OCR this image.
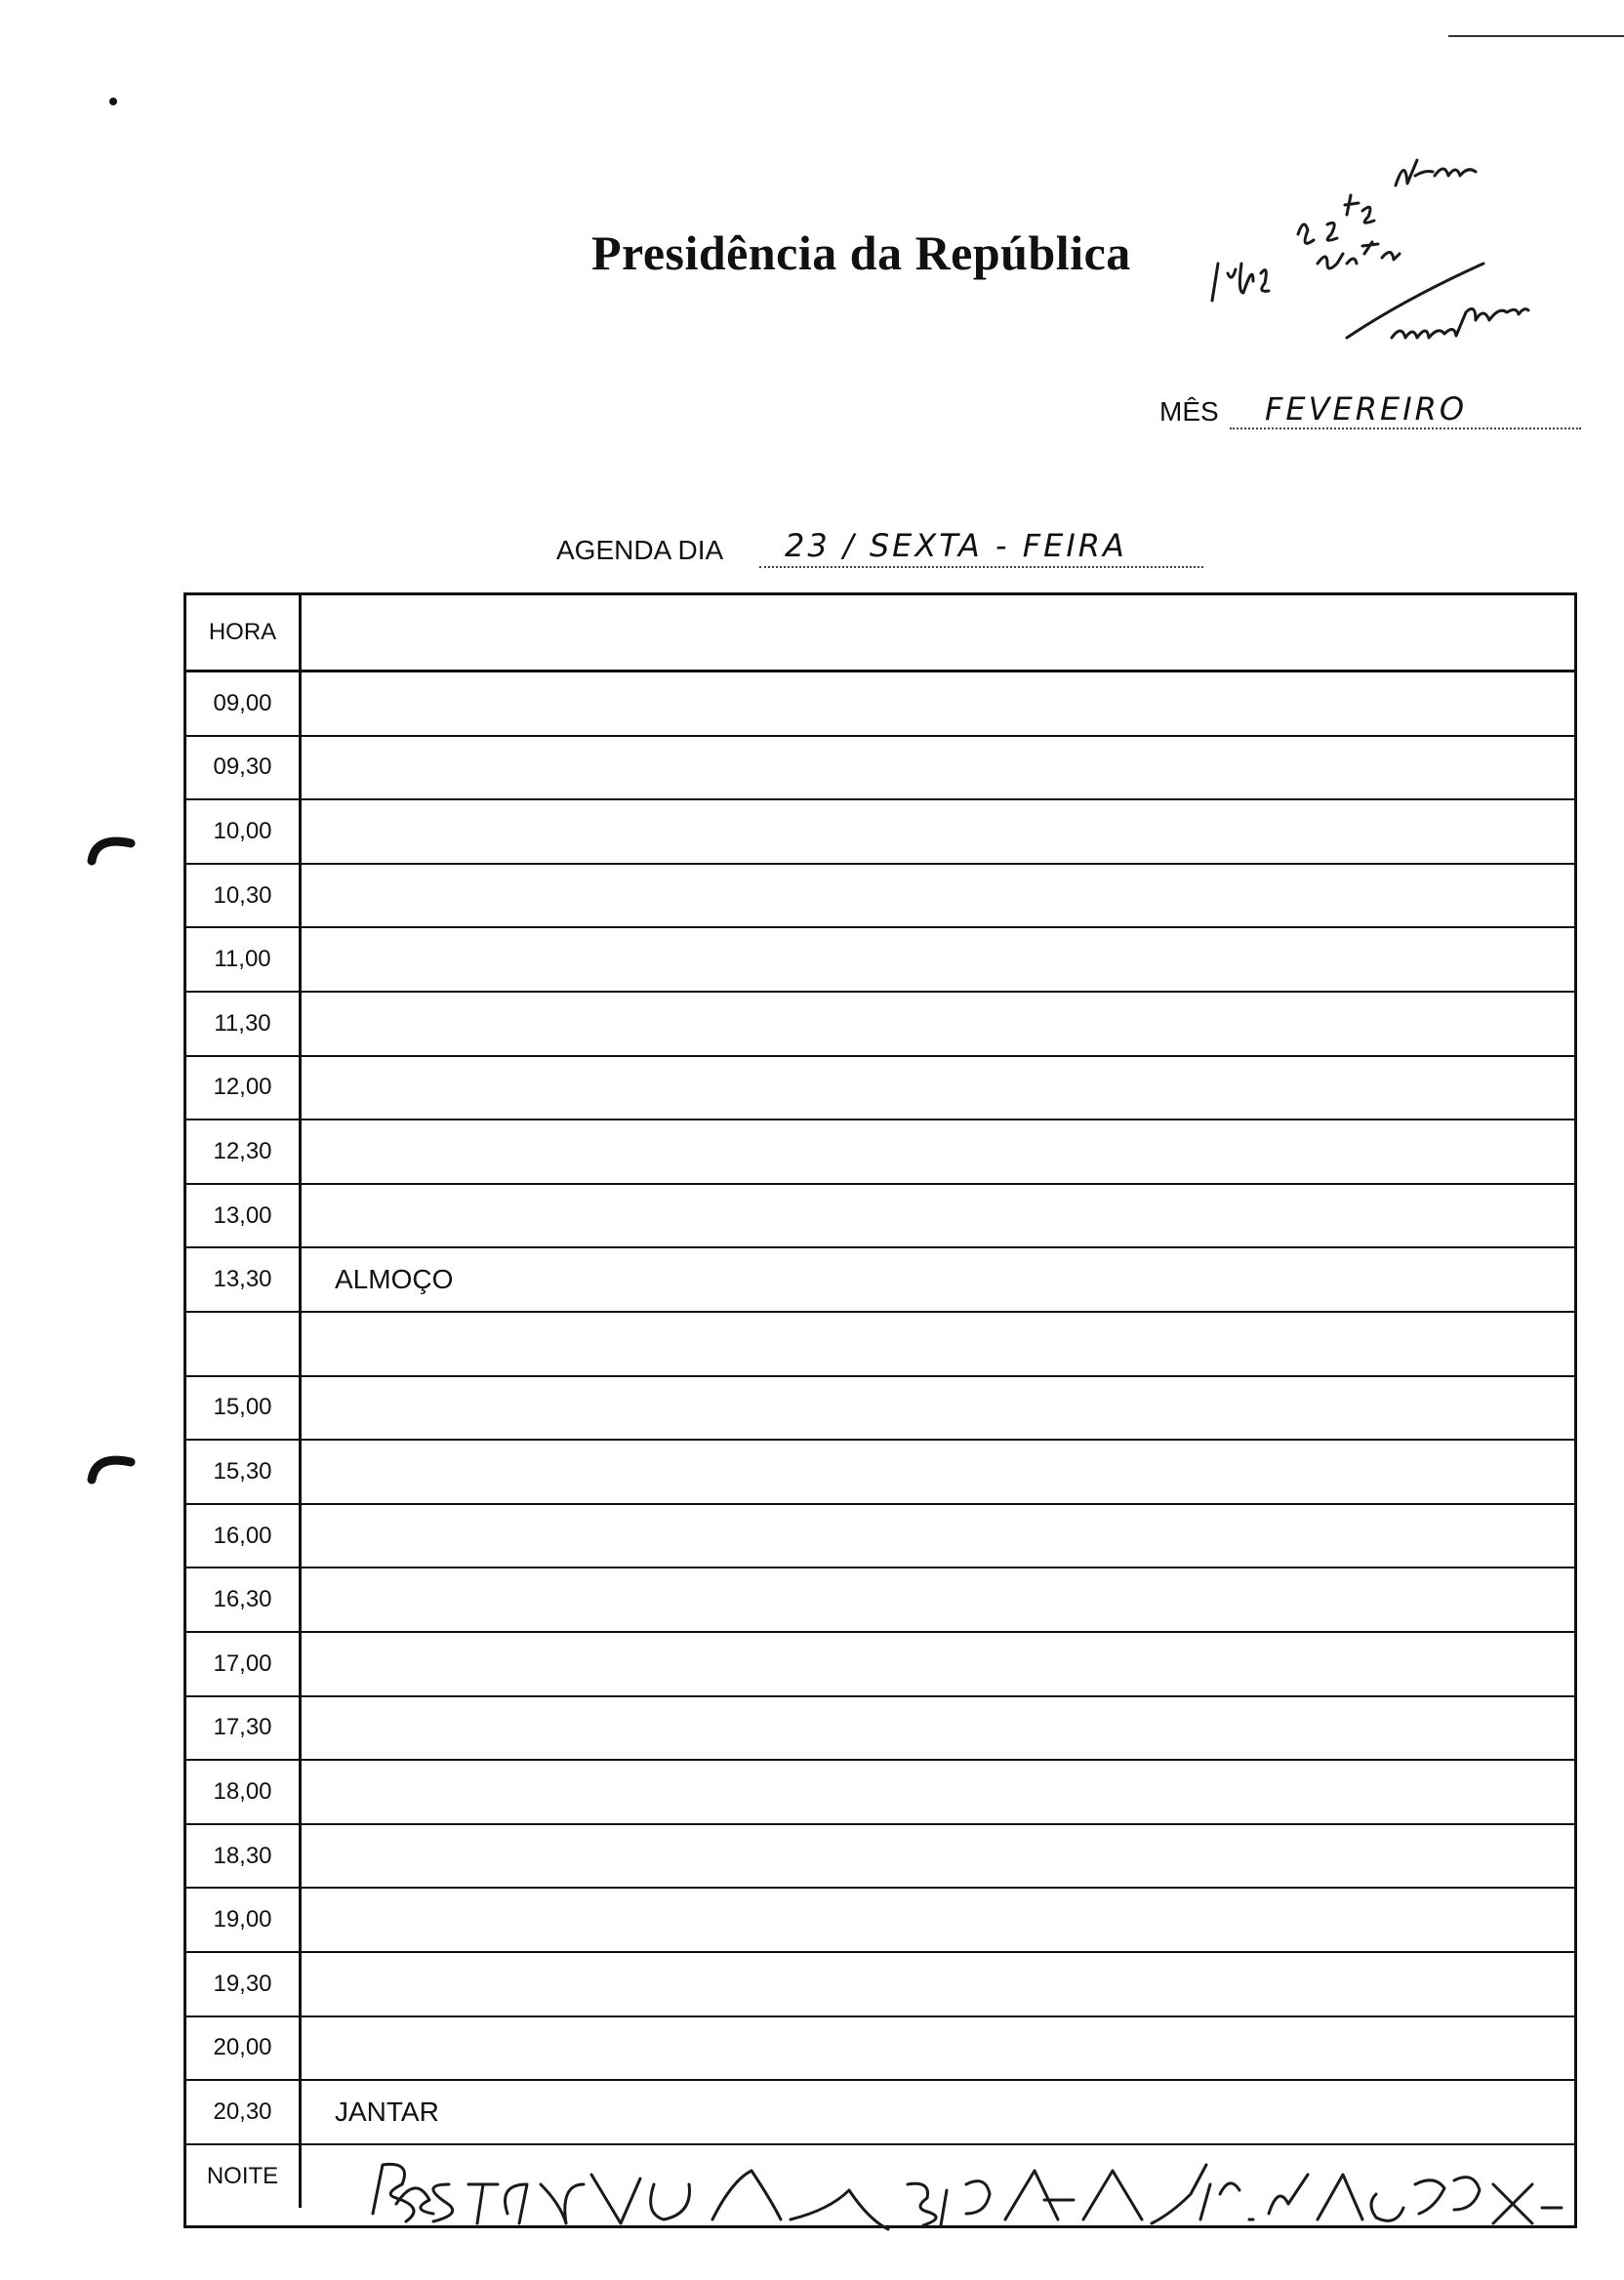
Presidência da República
MÊS FEVEREIRO
AGENDA DIA 23 / SEXTA - FEIRA
HORA
09,00
09,30
10,00
10,30
11,00
11,30
12,00
12,30
13,00
13,30	ALMOÇO
15,00
15,30
16,00
16,30
17,00
17,30
18,00
18,30
19,00
19,30
20,00
20,30	JANTAR
NOITE
